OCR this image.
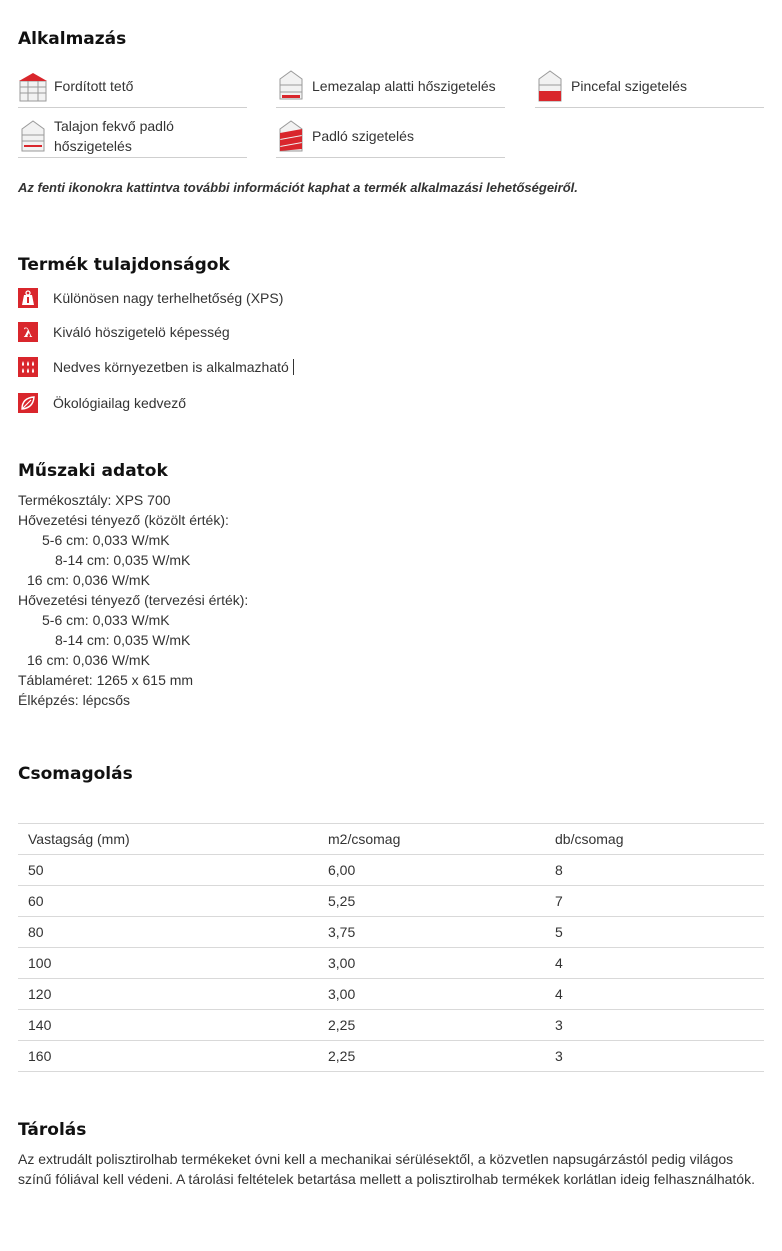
Alkalmazás
Fordított tető	Lemezalap alatti hőszigetelés	Pincefal szigetelés
Talajon fekvő padló hőszigetelés
Padló szigetelés
Az fenti ikonokra kattintva további információt kaphat a termék alkalmazási lehetőségeiről.
Termék tulajdonságok
Különösen nagy terhelhetőség (XPS)
λ Kiváló höszigetelö képesség
Nedves környezetben is alkalmazható
Ökológiailag kedvező
Műszaki adatok
Termékosztály: XPS 700
Hővezetési tényező (közölt érték):
5-6 cm: 0,033 W/mK
8-14 cm: 0,035 W/mK
16 cm: 0,036 W/mK
Hővezetési tényező (tervezési érték):
5-6 cm: 0,033 W/mK
8-14 cm: 0,035 W/mK
16 cm: 0,036 W/mK
Táblaméret: 1265 x 615 mm
Élképzés: lépcsős
Csomagolás
Vastagság (mm)	m2/csomag	db/csomag
50	6,00	8
60	5,25	7
80	3,75	5
100	3,00	4
120	3,00	4
140	2,25	3
160	2,25	3
Tárolás
Az extrudált polisztirolhab termékeket óvni kell a mechanikai sérülésektől, a közvetlen napsugárzástól pedig világos színű fóliával kell védeni. A tárolási feltételek betartása mellett a polisztirolhab termékek korlátlan ideig felhasználhatók.
